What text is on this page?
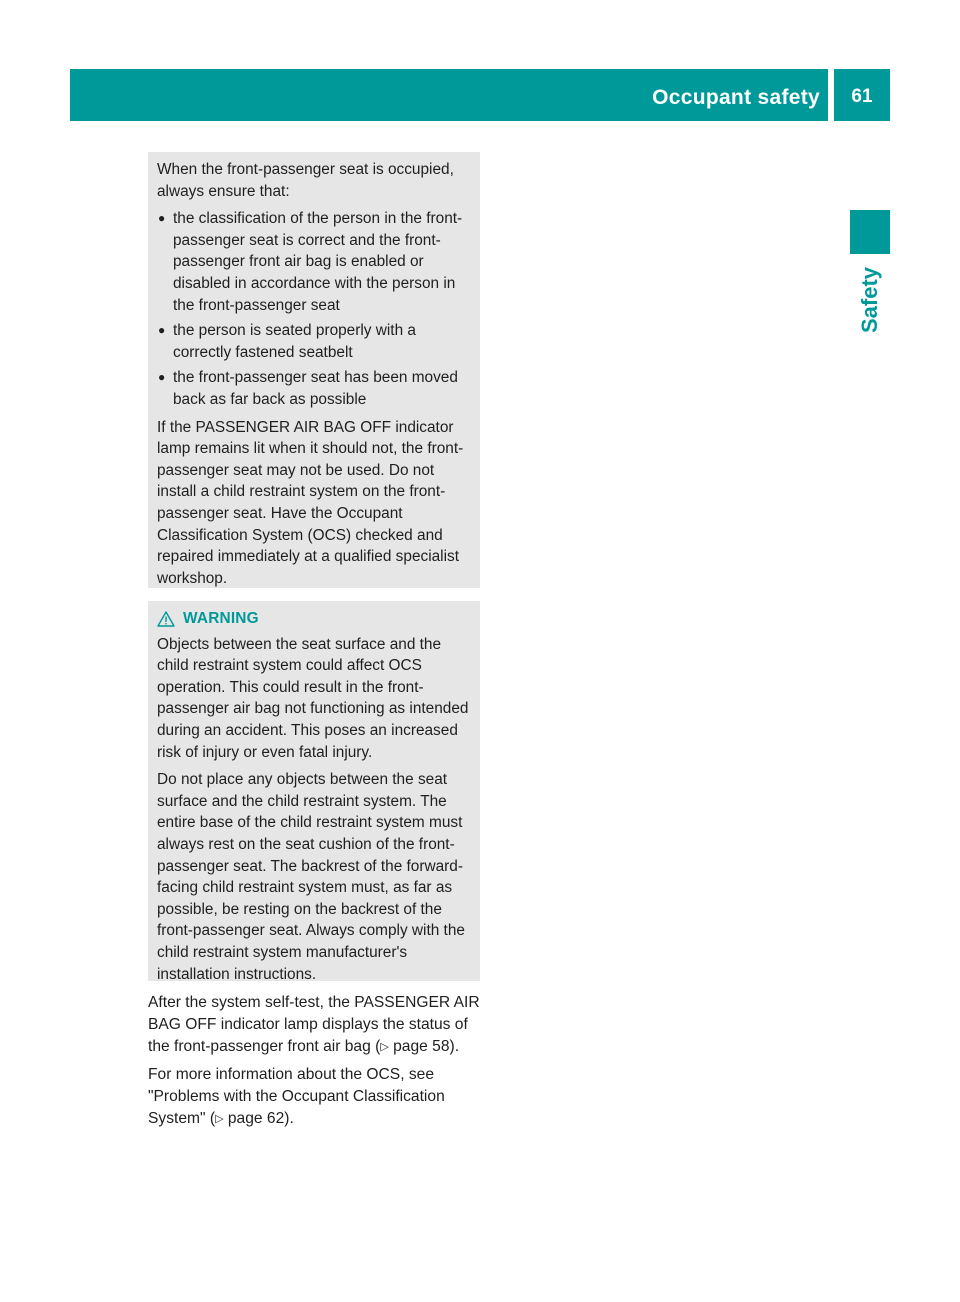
Occupant safety	61
Safety

When the front-passenger seat is occupied,
always ensure that:

● the classification of the person in the front-passenger seat is correct and the front-passenger front air bag is enabled or disabled in accordance with the person in the front-passenger seat
● the person is seated properly with a correctly fastened seatbelt
● the front-passenger seat has been moved back as far back as possible

If the PASSENGER AIR BAG OFF indicator lamp remains lit when it should not, the front-passenger seat may not be used. Do not install a child restraint system on the front-passenger seat. Have the Occupant Classification System (OCS) checked and repaired immediately at a qualified specialist workshop.

WARNING

Objects between the seat surface and the child restraint system could affect OCS operation. This could result in the front-passenger air bag not functioning as intended during an accident. This poses an increased risk of injury or even fatal injury.

Do not place any objects between the seat surface and the child restraint system. The entire base of the child restraint system must always rest on the seat cushion of the front-passenger seat. The backrest of the forward-facing child restraint system must, as far as possible, be resting on the backrest of the front-passenger seat. Always comply with the child restraint system manufacturer's installation instructions.

After the system self-test, the PASSENGER AIR BAG OFF indicator lamp displays the status of the front-passenger front air bag (▷ page 58).

For more information about the OCS, see "Problems with the Occupant Classification System" (▷ page 62).
